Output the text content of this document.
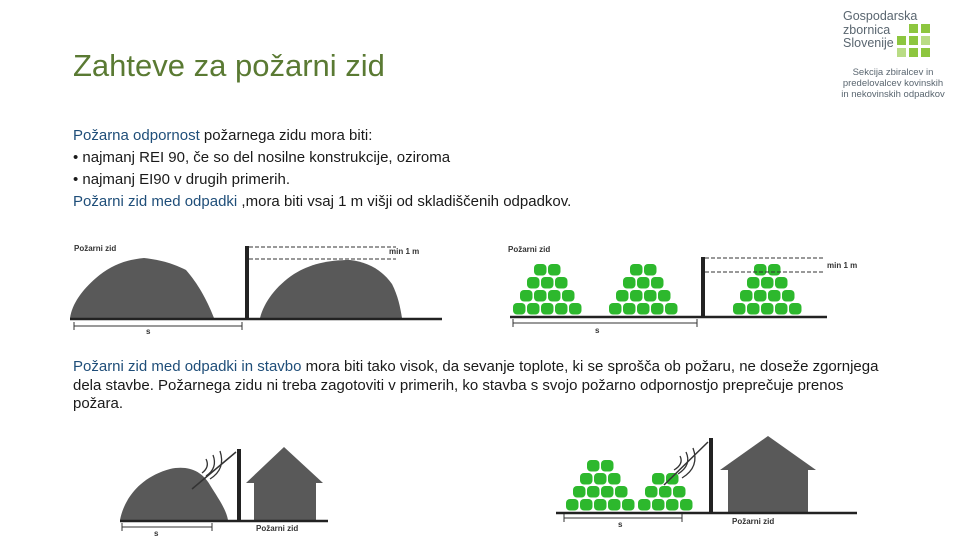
Zahteve za požarni zid
Gospodarska
zbornica
Slovenije
Sekcija zbiralcev in
predelovalcev kovinskih
in nekovinskih odpadkov
Požarna odpornost požarnega zidu mora biti:
• najmanj REI 90, če so del nosilne konstrukcije, oziroma
• najmanj EI90 v drugih primerih.
Požarni zid med odpadki ,mora biti vsaj 1 m višji od skladiščenih odpadkov.
Požarni zid med odpadki in stavbo mora biti tako visok, da sevanje toplote, ki se sprošča ob požaru, ne doseže zgornjega dela stavbe. Požarnega zidu ni treba zagotoviti v primerih, ko stavba s svojo požarno odpornostjo preprečuje prenos požara.
Požarni zid	min 1 m
s
Požarni zid
min 1 m
s
s
Požarni zid	s	Požarni zid
